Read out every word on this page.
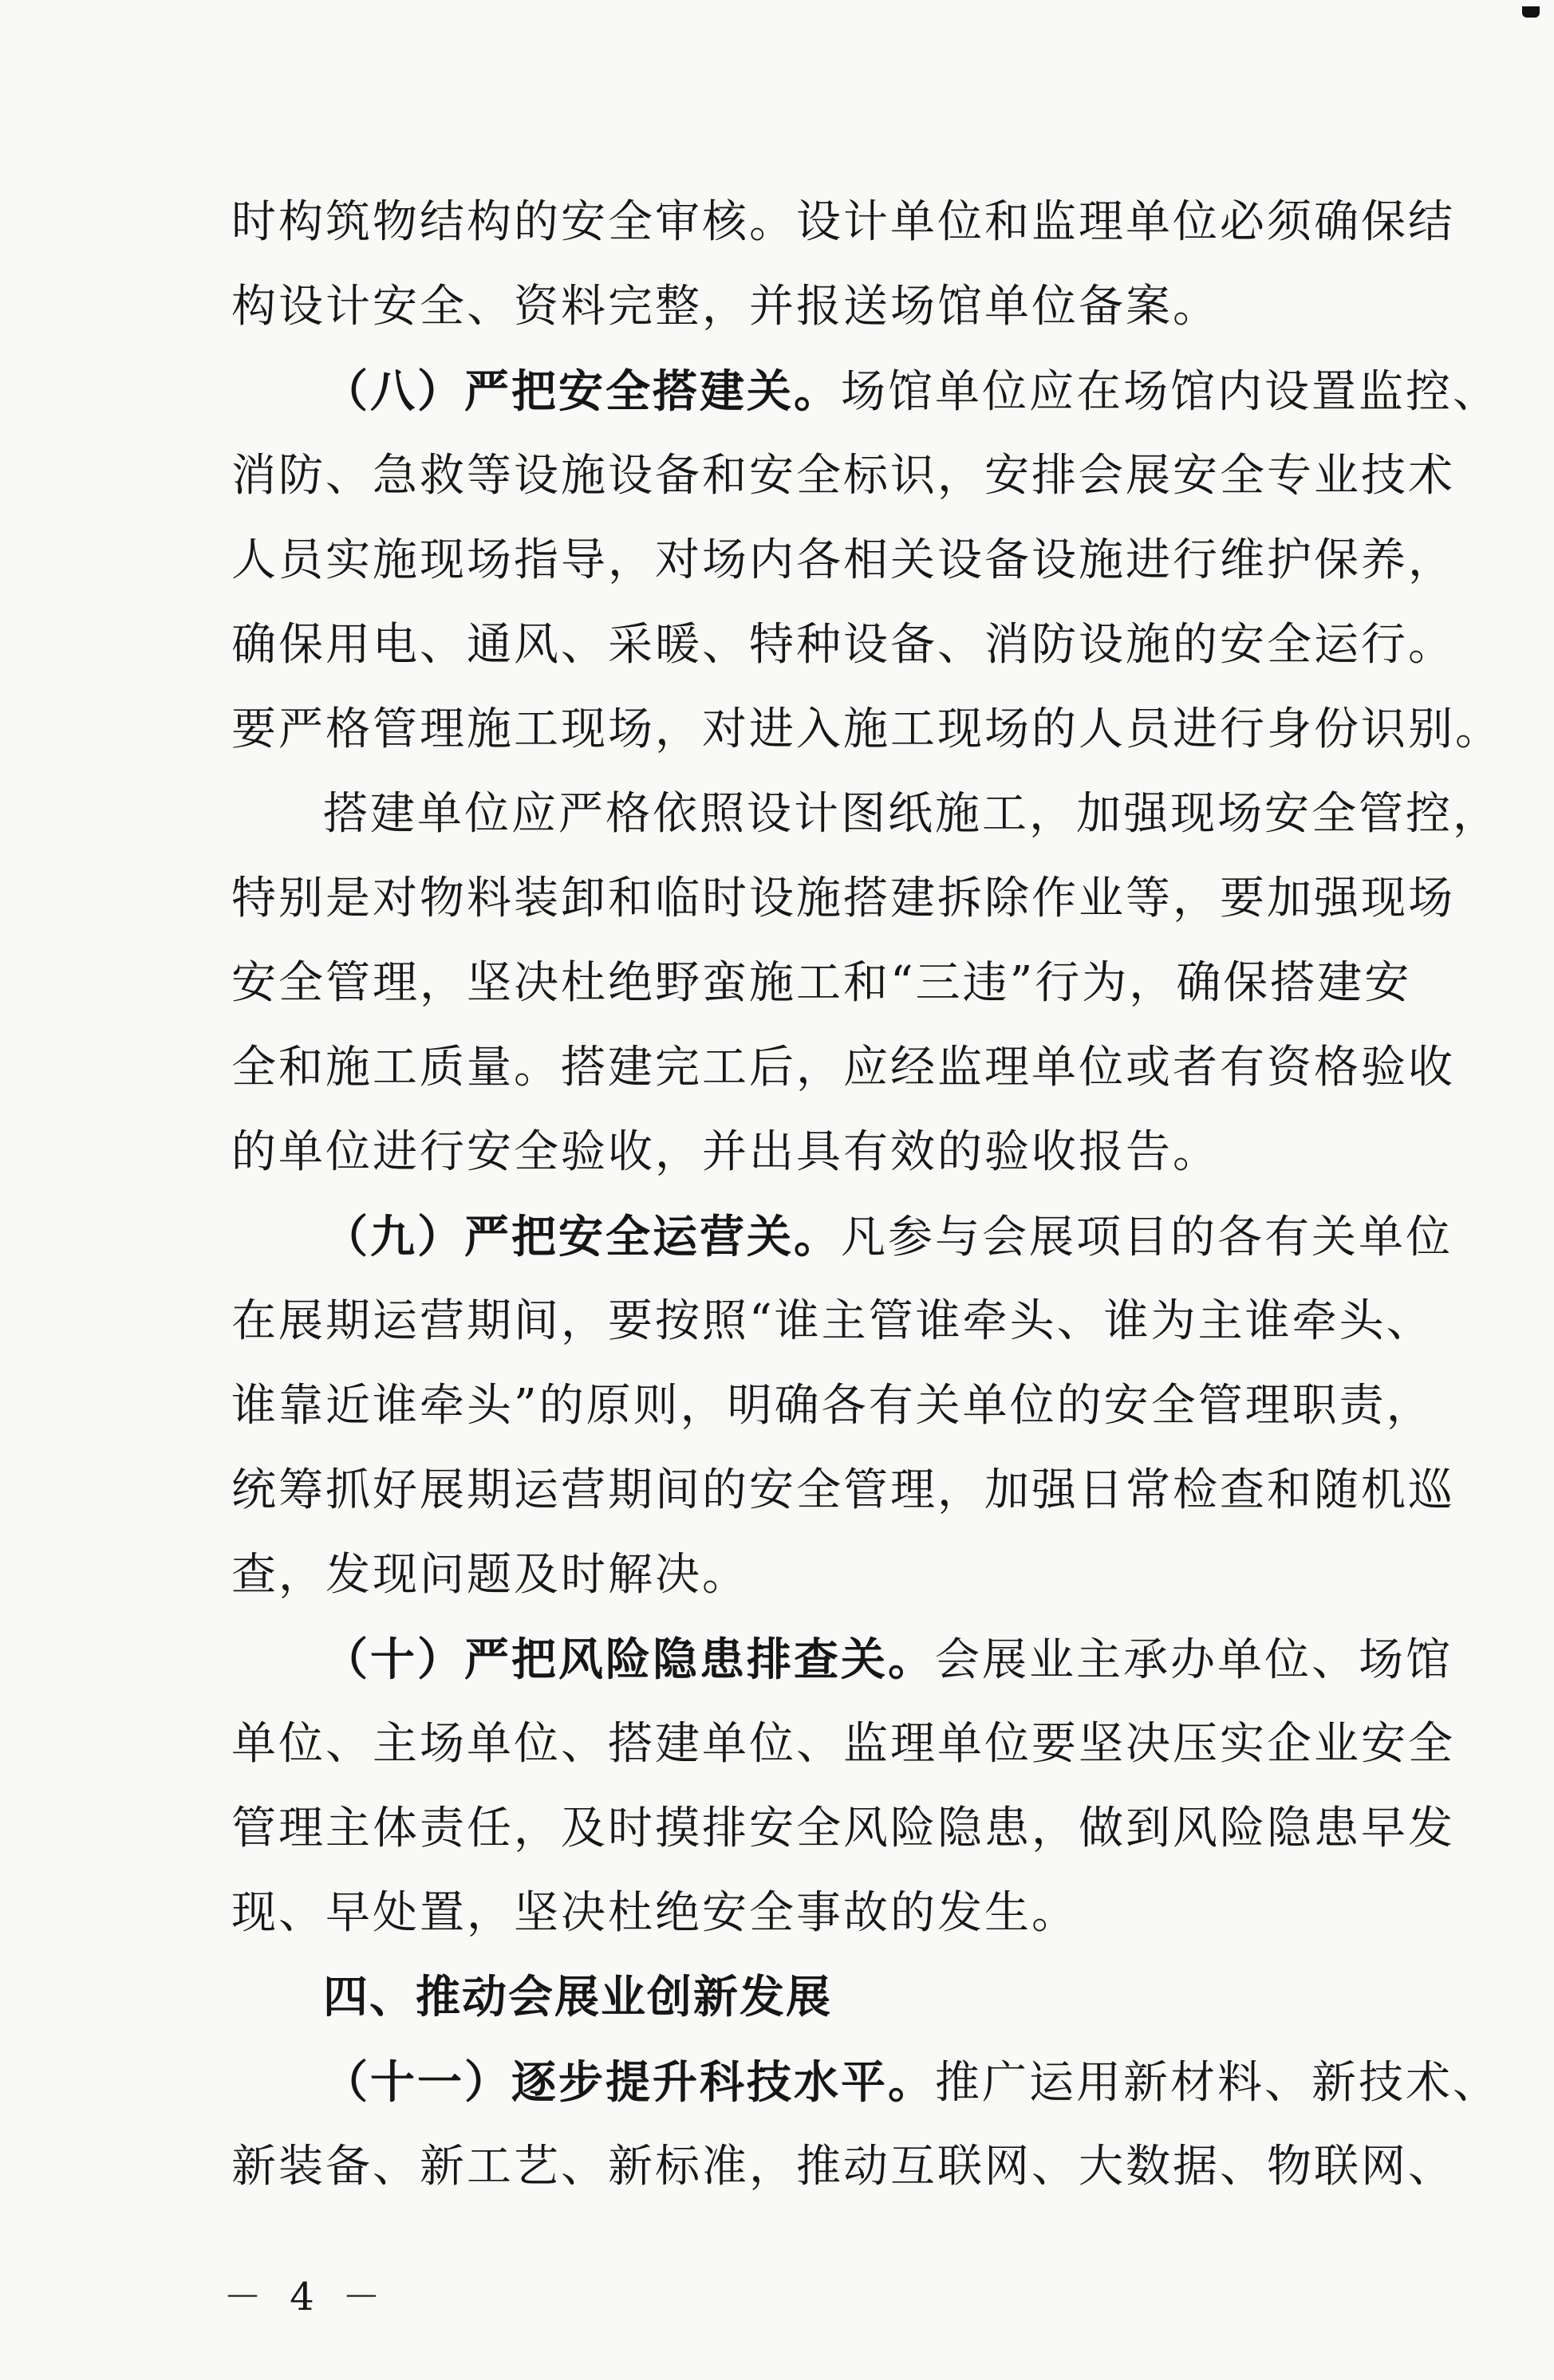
时构筑物结构的安全审核。设计单位和监理单位必须确保结
构设计安全、资料完整，并报送场馆单位备案。
（八）严把安全搭建关。场馆单位应在场馆内设置监控、
消防、急救等设施设备和安全标识，安排会展安全专业技术
人员实施现场指导，对场内各相关设备设施进行维护保养，
确保用电、通风、采暖、特种设备、消防设施的安全运行。
要严格管理施工现场，对进入施工现场的人员进行身份识别。
搭建单位应严格依照设计图纸施工，加强现场安全管控，
特别是对物料装卸和临时设施搭建拆除作业等，要加强现场
安全管理，坚决杜绝野蛮施工和“三违”行为，确保搭建安
全和施工质量。搭建完工后，应经监理单位或者有资格验收
的单位进行安全验收，并出具有效的验收报告。
（九）严把安全运营关。凡参与会展项目的各有关单位
在展期运营期间，要按照“谁主管谁牵头、谁为主谁牵头、
谁靠近谁牵头”的原则，明确各有关单位的安全管理职责，
统筹抓好展期运营期间的安全管理，加强日常检查和随机巡
查，发现问题及时解决。
（十）严把风险隐患排查关。会展业主承办单位、场馆
单位、主场单位、搭建单位、监理单位要坚决压实企业安全
管理主体责任，及时摸排安全风险隐患，做到风险隐患早发
现、早处置，坚决杜绝安全事故的发生。
四、推动会展业创新发展
（十一）逐步提升科技水平。推广运用新材料、新技术、
新装备、新工艺、新标准，推动互联网、大数据、物联网、
－ 4 －
